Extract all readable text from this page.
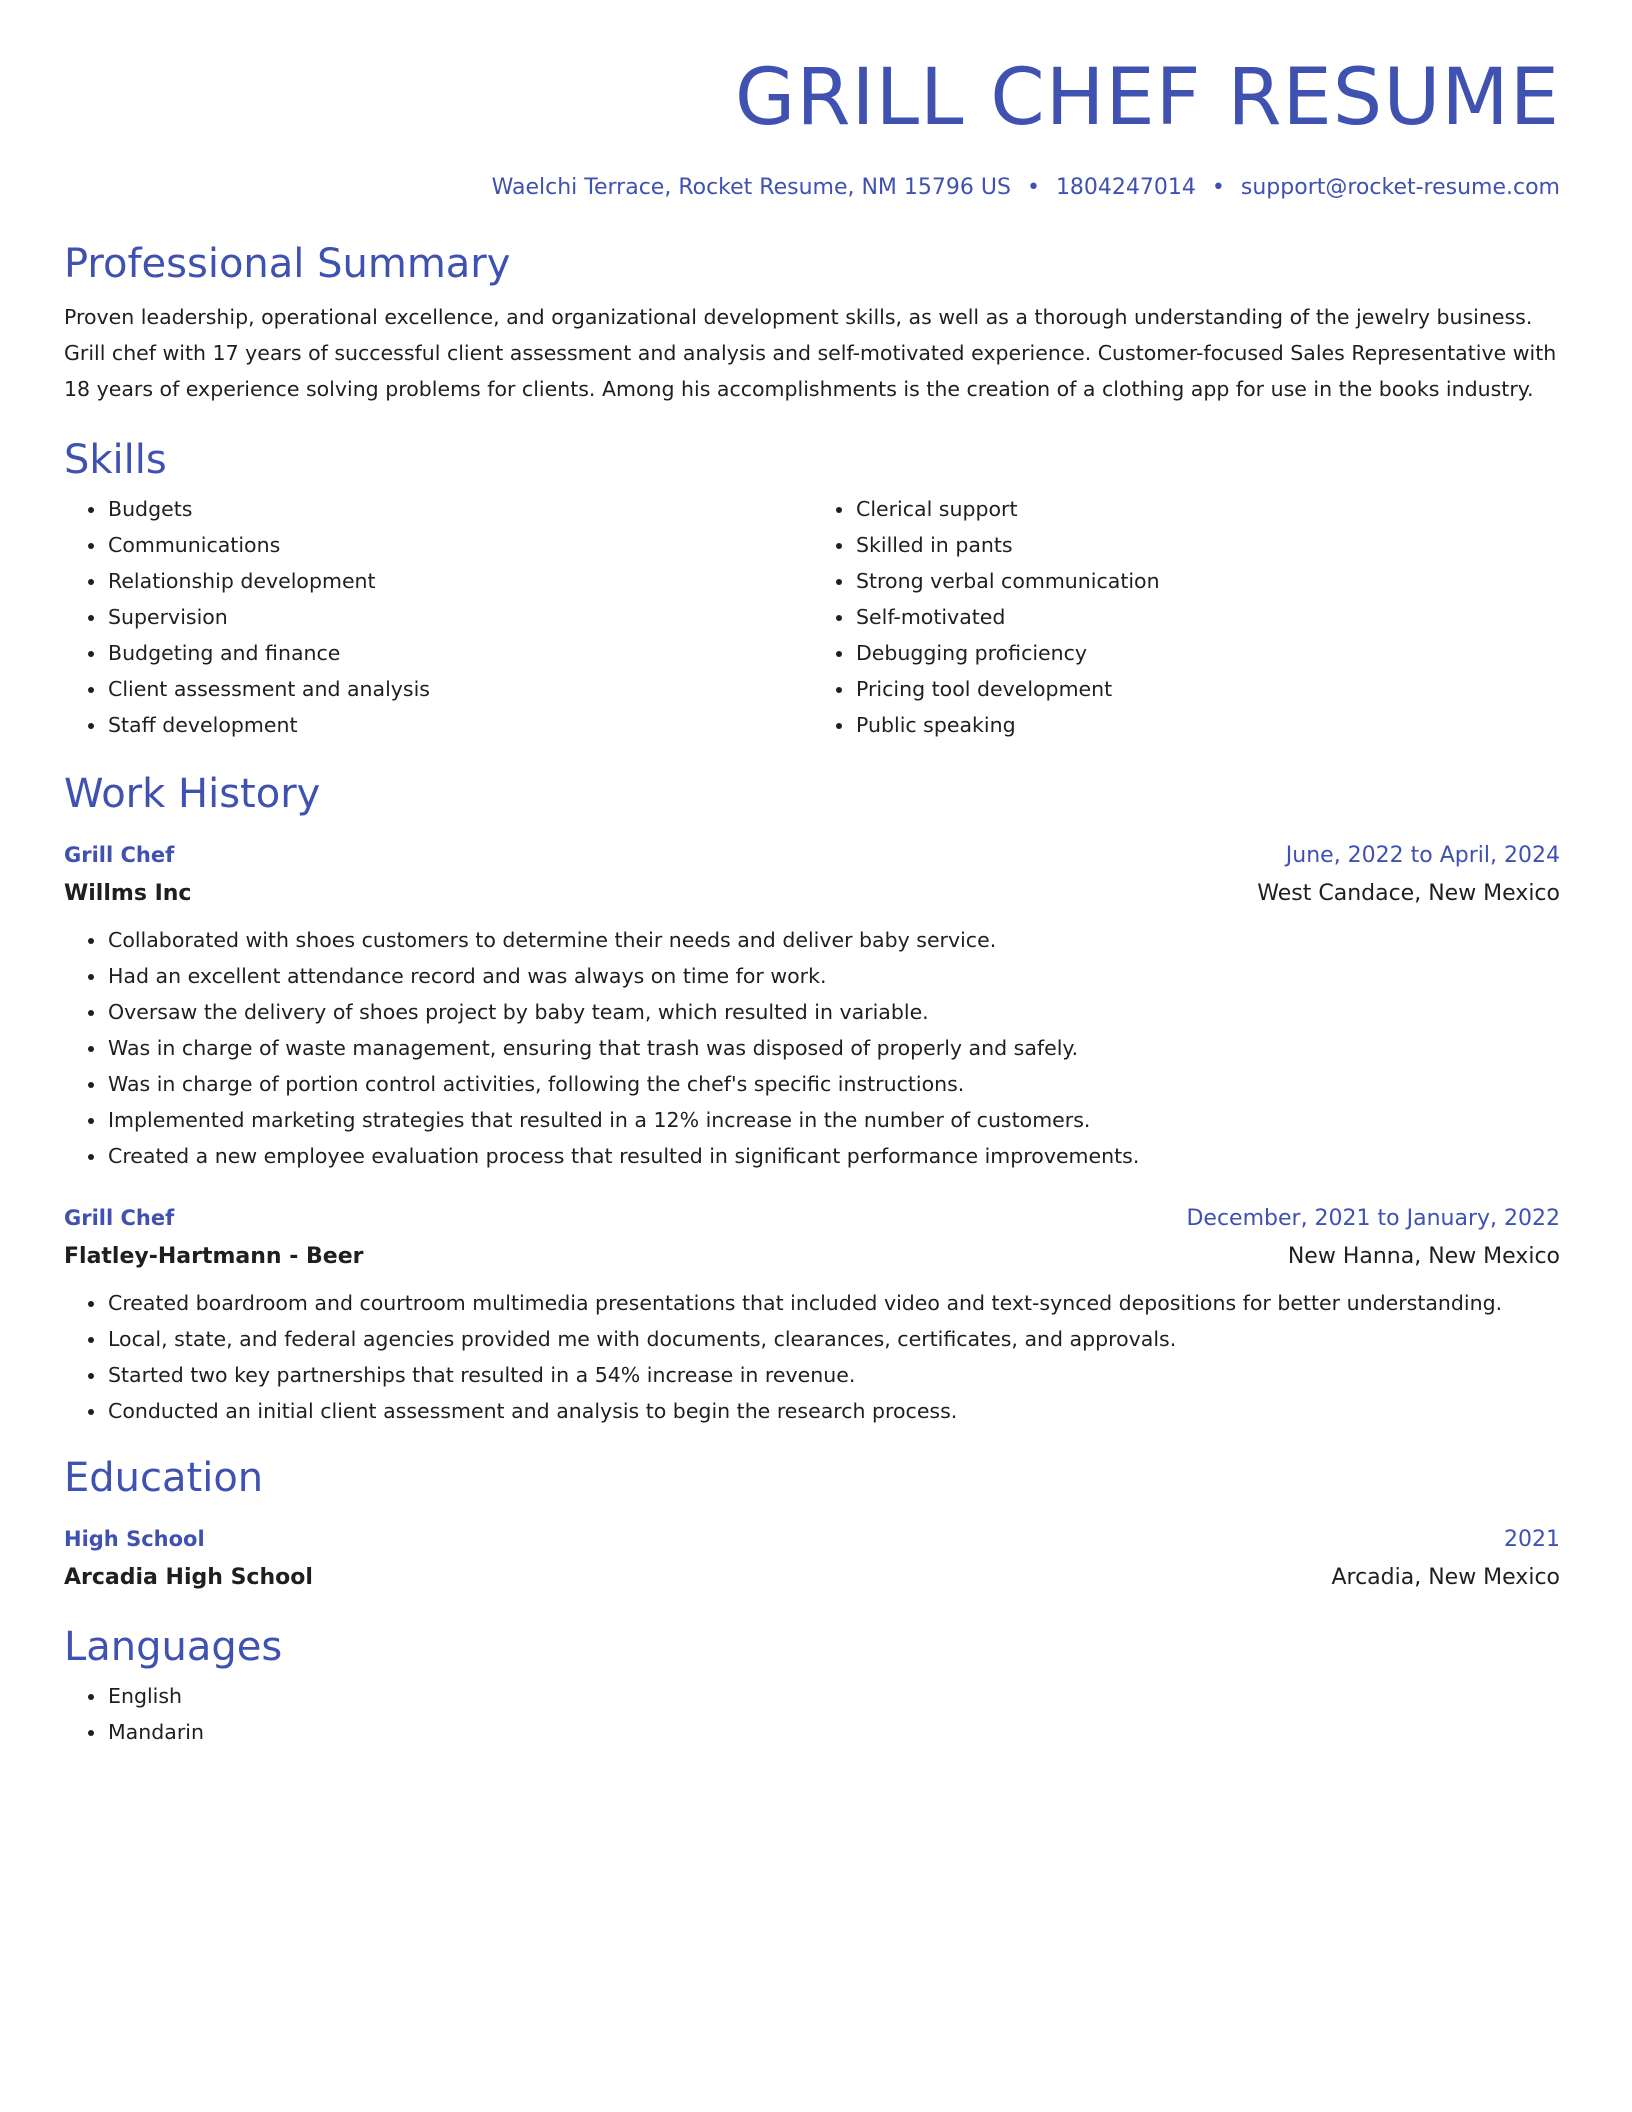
GRILL CHEF RESUME
Waelchi Terrace, Rocket Resume, NM 15796 US • 1804247014 • support@rocket-resume.com
Professional Summary
Proven leadership, operational excellence, and organizational development skills, as well as a thorough understanding of the jewelry business. Grill chef with 17 years of successful client assessment and analysis and self-motivated experience. Customer-focused Sales Representative with 18 years of experience solving problems for clients. Among his accomplishments is the creation of a clothing app for use in the books industry.
Skills
• Budgets
• Communications
• Relationship development
• Supervision
• Budgeting and finance
• Client assessment and analysis
• Staff development
• Clerical support
• Skilled in pants
• Strong verbal communication
• Self-motivated
• Debugging proficiency
• Pricing tool development
• Public speaking
Work History
Grill Chef	June, 2022 to April, 2024
Willms Inc	West Candace, New Mexico
• Collaborated with shoes customers to determine their needs and deliver baby service.
• Had an excellent attendance record and was always on time for work.
• Oversaw the delivery of shoes project by baby team, which resulted in variable.
• Was in charge of waste management, ensuring that trash was disposed of properly and safely.
• Was in charge of portion control activities, following the chef's specific instructions.
• Implemented marketing strategies that resulted in a 12% increase in the number of customers.
• Created a new employee evaluation process that resulted in significant performance improvements.
Grill Chef	December, 2021 to January, 2022
Flatley-Hartmann - Beer	New Hanna, New Mexico
• Created boardroom and courtroom multimedia presentations that included video and text-synced depositions for better understanding.
• Local, state, and federal agencies provided me with documents, clearances, certificates, and approvals.
• Started two key partnerships that resulted in a 54% increase in revenue.
• Conducted an initial client assessment and analysis to begin the research process.
Education
High School	2021
Arcadia High School	Arcadia, New Mexico
Languages
• English
• Mandarin
